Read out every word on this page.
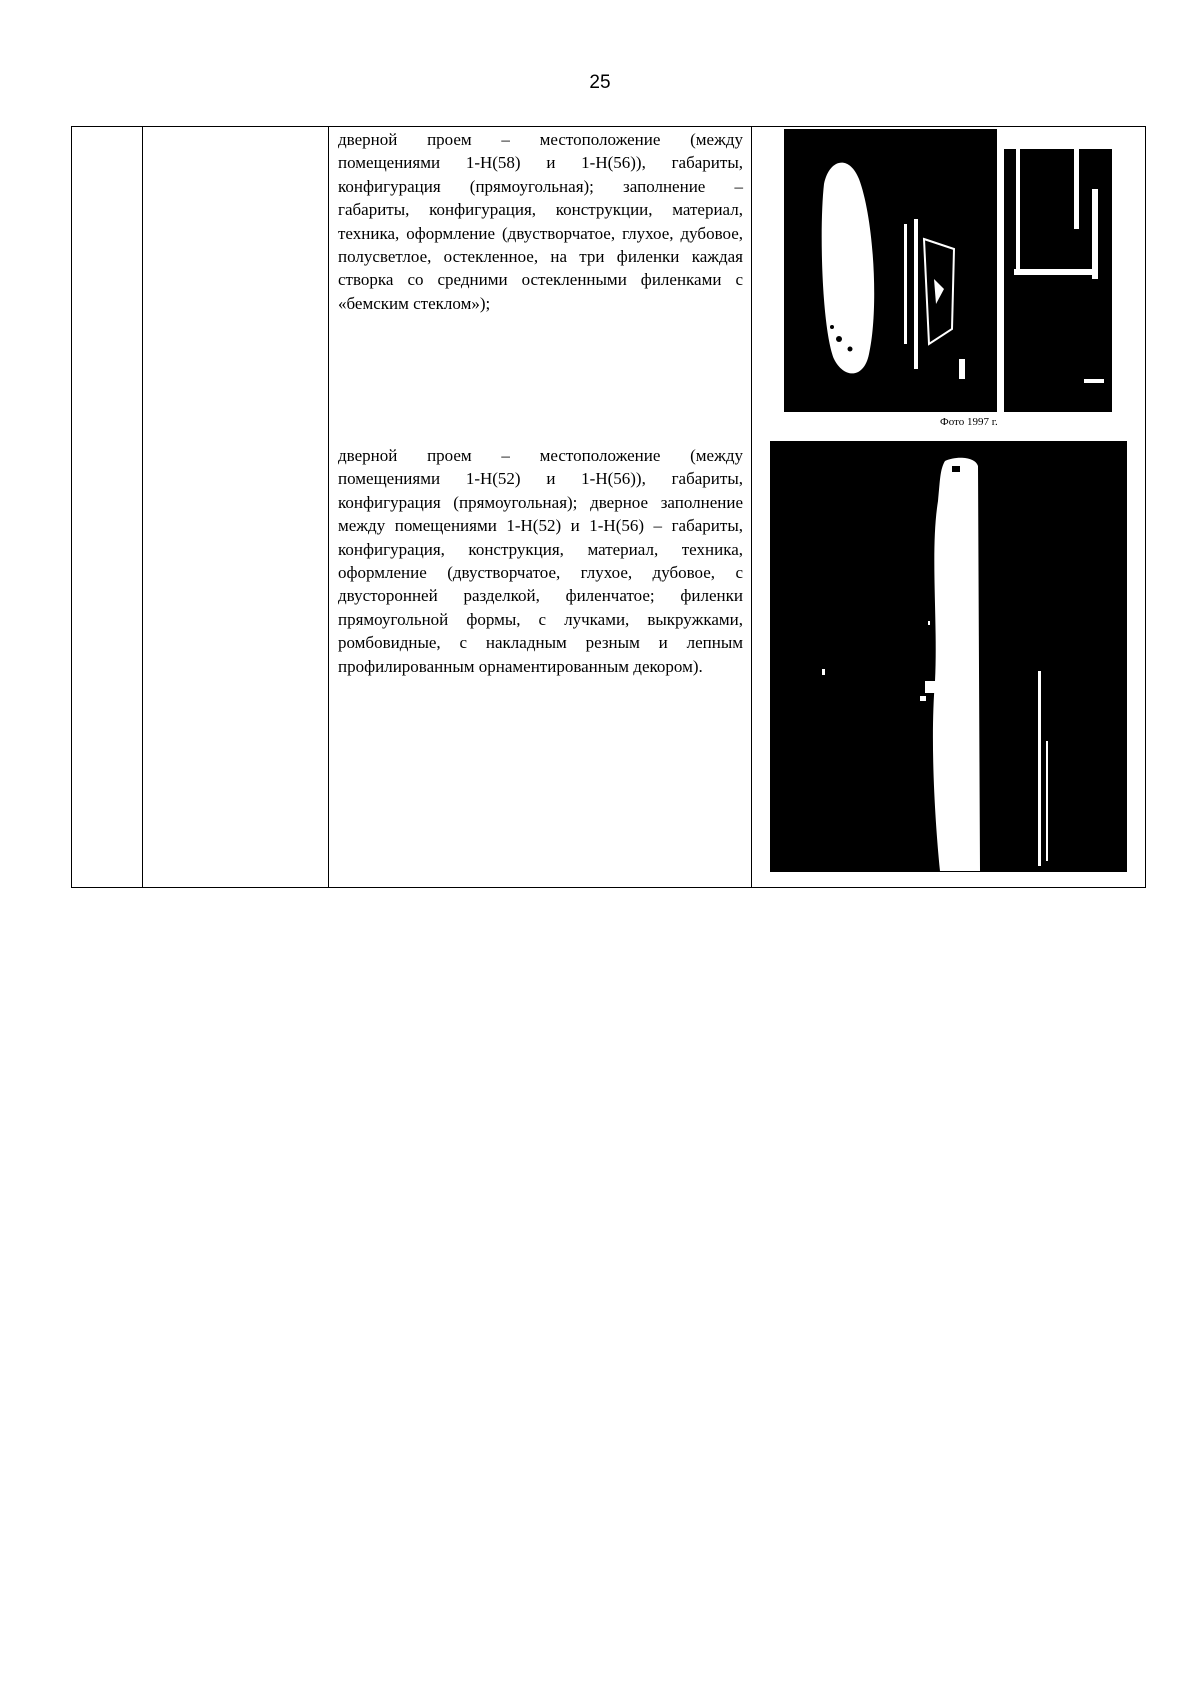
25

дверной проем – местоположение (между помещениями 1-Н(58) и 1-Н(56)), габариты, конфигурация (прямоугольная); заполнение – габариты, конфигурация, конструкции, материал, техника, оформление (двустворчатое, глухое, дубовое, полусветлое, остекленное, на три филенки каждая створка со средними остекленными филенками с «бемским стеклом»);
Фото 1997 г.
дверной проем – местоположение (между помещениями 1-Н(52) и 1-Н(56)), габариты, конфигурация (прямоугольная); дверное заполнение между помещениями 1-Н(52) и 1-Н(56) – габариты, конфигурация, конструкция, материал, техника, оформление (двустворчатое, глухое, дубовое, с двусторонней разделкой, филенчатое; филенки прямоугольной формы, с лучками, выкружками, ромбовидные, с накладным резным и лепным профилированным орнаментированным декором).
